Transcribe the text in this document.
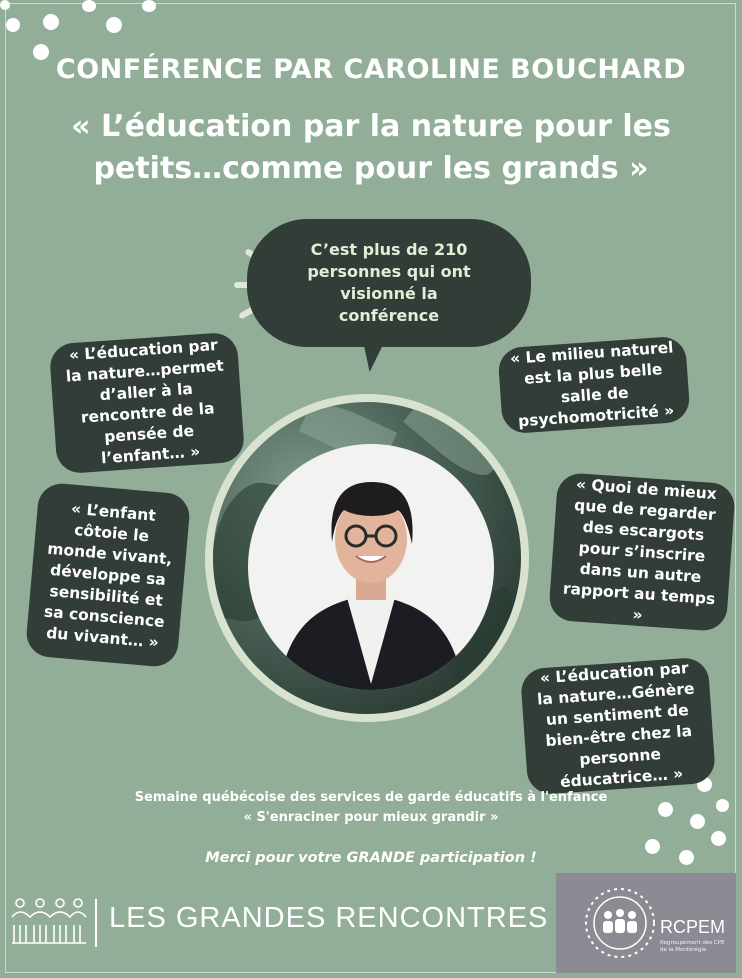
CONFÉRENCE PAR CAROLINE BOUCHARD
« L’éducation par la nature pour les
petits…comme pour les grands »
C’est plus de 210 personnes qui ont visionné la conférence
« L’éducation par la nature…permet d’aller à la rencontre de la pensée de l’enfant… »
« Le milieu naturel est la plus belle salle de psychomotricité »
« L’enfant côtoie le monde vivant, développe sa sensibilité et sa conscience du vivant… »
« Quoi de mieux que de regarder des escargots pour s’inscrire dans un autre rapport au temps »
« L’éducation par la nature…Génère un sentiment de bien-être chez la personne éducatrice… »
Semaine québécoise des services de garde éducatifs à l'enfance
« S'enraciner pour mieux grandir »
Merci pour votre GRANDE participation !
LES GRANDES RENCONTRES	RCPEM
Regroupement des CPE de la Montérégie
